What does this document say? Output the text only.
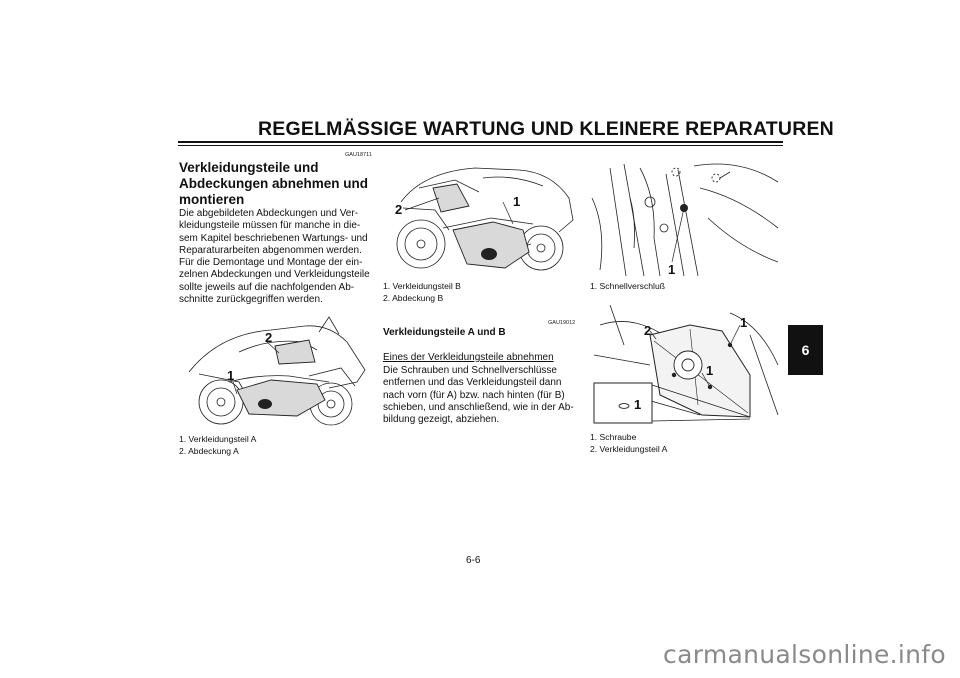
REGELMÄSSIGE WARTUNG UND KLEINERE REPARATUREN
GAU18711
Verkleidungsteile und
Abdeckungen abnehmen und
montieren
Die abgebildeten Abdeckungen und Ver-
kleidungsteile müssen für manche in die-
sem Kapitel beschriebenen Wartungs- und
Reparaturarbeiten abgenommen werden.
Für die Demontage und Montage der ein-
zelnen Abdeckungen und Verkleidungsteile
sollte jeweils auf die nachfolgenden Ab-
schnitte zurückgegriffen werden.
2
1
1. Verkleidungsteil A
2. Abdeckung A
1
2
1. Verkleidungsteil B
2. Abdeckung B
GAU19012
Verkleidungsteile A und B
Eines der Verkleidungsteile abnehmen
Die Schrauben und Schnellverschlüsse
entfernen und das Verkleidungsteil dann
nach vorn (für A) bzw. nach hinten (für B)
schieben, und anschließend, wie in der Ab-
bildung gezeigt, abziehen.
1
1. Schnellverschluß
2
1
1
1
1. Schraube
2. Verkleidungsteil A
6
6-6
carmanualsonline.info
